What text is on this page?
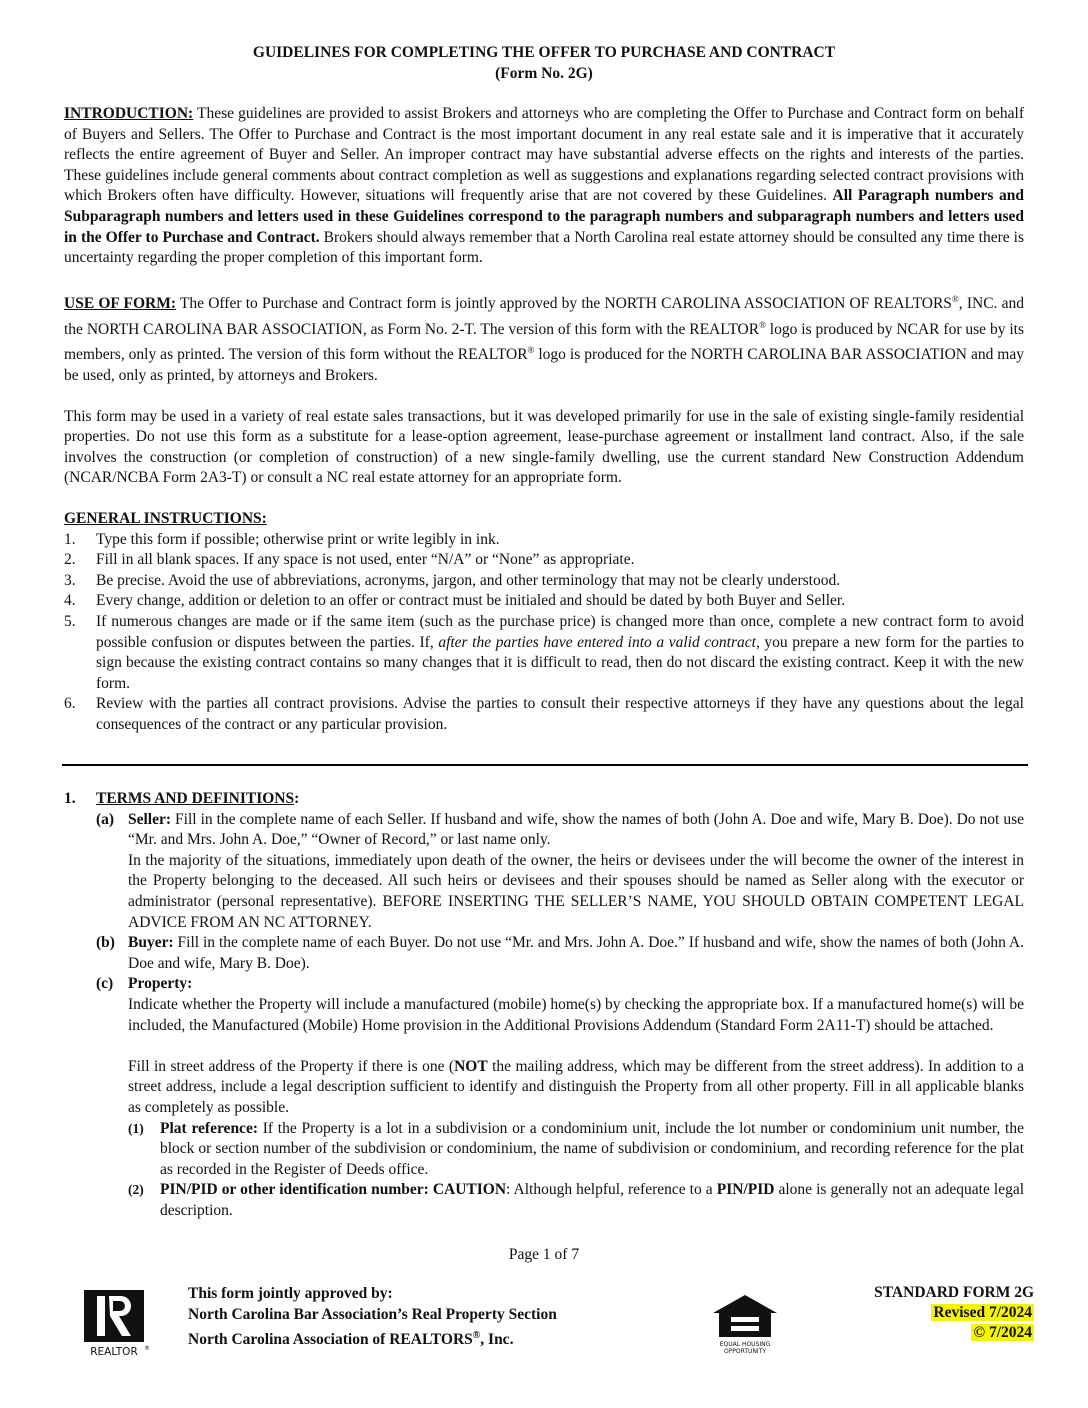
GUIDELINES FOR COMPLETING THE OFFER TO PURCHASE AND CONTRACT
(Form No. 2G)

INTRODUCTION: These guidelines are provided to assist Brokers and attorneys who are completing the Offer to Purchase and Contract form on behalf of Buyers and Sellers. The Offer to Purchase and Contract is the most important document in any real estate sale and it is imperative that it accurately reflects the entire agreement of Buyer and Seller. An improper contract may have substantial adverse effects on the rights and interests of the parties. These guidelines include general comments about contract completion as well as suggestions and explanations regarding selected contract provisions with which Brokers often have difficulty. However, situations will frequently arise that are not covered by these Guidelines. All Paragraph numbers and Subparagraph numbers and letters used in these Guidelines correspond to the paragraph numbers and subparagraph numbers and letters used in the Offer to Purchase and Contract. Brokers should always remember that a North Carolina real estate attorney should be consulted any time there is uncertainty regarding the proper completion of this important form.

USE OF FORM: The Offer to Purchase and Contract form is jointly approved by the NORTH CAROLINA ASSOCIATION OF REALTORS®, INC. and the NORTH CAROLINA BAR ASSOCIATION, as Form No. 2-T. The version of this form with the REALTOR® logo is produced by NCAR for use by its members, only as printed. The version of this form without the REALTOR® logo is produced for the NORTH CAROLINA BAR ASSOCIATION and may be used, only as printed, by attorneys and Brokers.

This form may be used in a variety of real estate sales transactions, but it was developed primarily for use in the sale of existing single-family residential properties. Do not use this form as a substitute for a lease-option agreement, lease-purchase agreement or installment land contract. Also, if the sale involves the construction (or completion of construction) of a new single-family dwelling, use the current standard New Construction Addendum (NCAR/NCBA Form 2A3-T) or consult a NC real estate attorney for an appropriate form.

GENERAL INSTRUCTIONS:
1.	Type this form if possible; otherwise print or write legibly in ink.
2.	Fill in all blank spaces. If any space is not used, enter “N/A” or “None” as appropriate.
3.	Be precise. Avoid the use of abbreviations, acronyms, jargon, and other terminology that may not be clearly understood.
4.	Every change, addition or deletion to an offer or contract must be initialed and should be dated by both Buyer and Seller.
5.	If numerous changes are made or if the same item (such as the purchase price) is changed more than once, complete a new contract form to avoid possible confusion or disputes between the parties. If, after the parties have entered into a valid contract, you prepare a new form for the parties to sign because the existing contract contains so many changes that it is difficult to read, then do not discard the existing contract. Keep it with the new form.
6.	Review with the parties all contract provisions. Advise the parties to consult their respective attorneys if they have any questions about the legal consequences of the contract or any particular provision.
1.	TERMS AND DEFINITIONS:
(a) Seller: Fill in the complete name of each Seller. If husband and wife, show the names of both (John A. Doe and wife, Mary B. Doe). Do not use “Mr. and Mrs. John A. Doe,” “Owner of Record,” or last name only.
In the majority of the situations, immediately upon death of the owner, the heirs or devisees under the will become the owner of the interest in the Property belonging to the deceased. All such heirs or devisees and their spouses should be named as Seller along with the executor or administrator (personal representative). BEFORE INSERTING THE SELLER’S NAME, YOU SHOULD OBTAIN COMPETENT LEGAL ADVICE FROM AN NC ATTORNEY.
(b) Buyer: Fill in the complete name of each Buyer. Do not use “Mr. and Mrs. John A. Doe.” If husband and wife, show the names of both (John A. Doe and wife, Mary B. Doe).
(c) Property:
Indicate whether the Property will include a manufactured (mobile) home(s) by checking the appropriate box. If a manufactured home(s) will be included, the Manufactured (Mobile) Home provision in the Additional Provisions Addendum (Standard Form 2A11-T) should be attached.
Fill in street address of the Property if there is one (NOT the mailing address, which may be different from the street address). In addition to a street address, include a legal description sufficient to identify and distinguish the Property from all other property. Fill in all applicable blanks as completely as possible.
(1)	Plat reference: If the Property is a lot in a subdivision or a condominium unit, include the lot number or condominium unit number, the block or section number of the subdivision or condominium, the name of subdivision or condominium, and recording reference for the plat as recorded in the Register of Deeds office.
(2)	PIN/PID or other identification number: CAUTION: Although helpful, reference to a PIN/PID alone is generally not an adequate legal description.
Page 1 of 7
REALTOR ®
This form jointly approved by:
North Carolina Bar Association’s Real Property Section
North Carolina Association of REALTORS®, Inc.	EQUAL HOUSING
OPPORTUNITY
STANDARD FORM 2G
Revised 7/2024
© 7/2024
